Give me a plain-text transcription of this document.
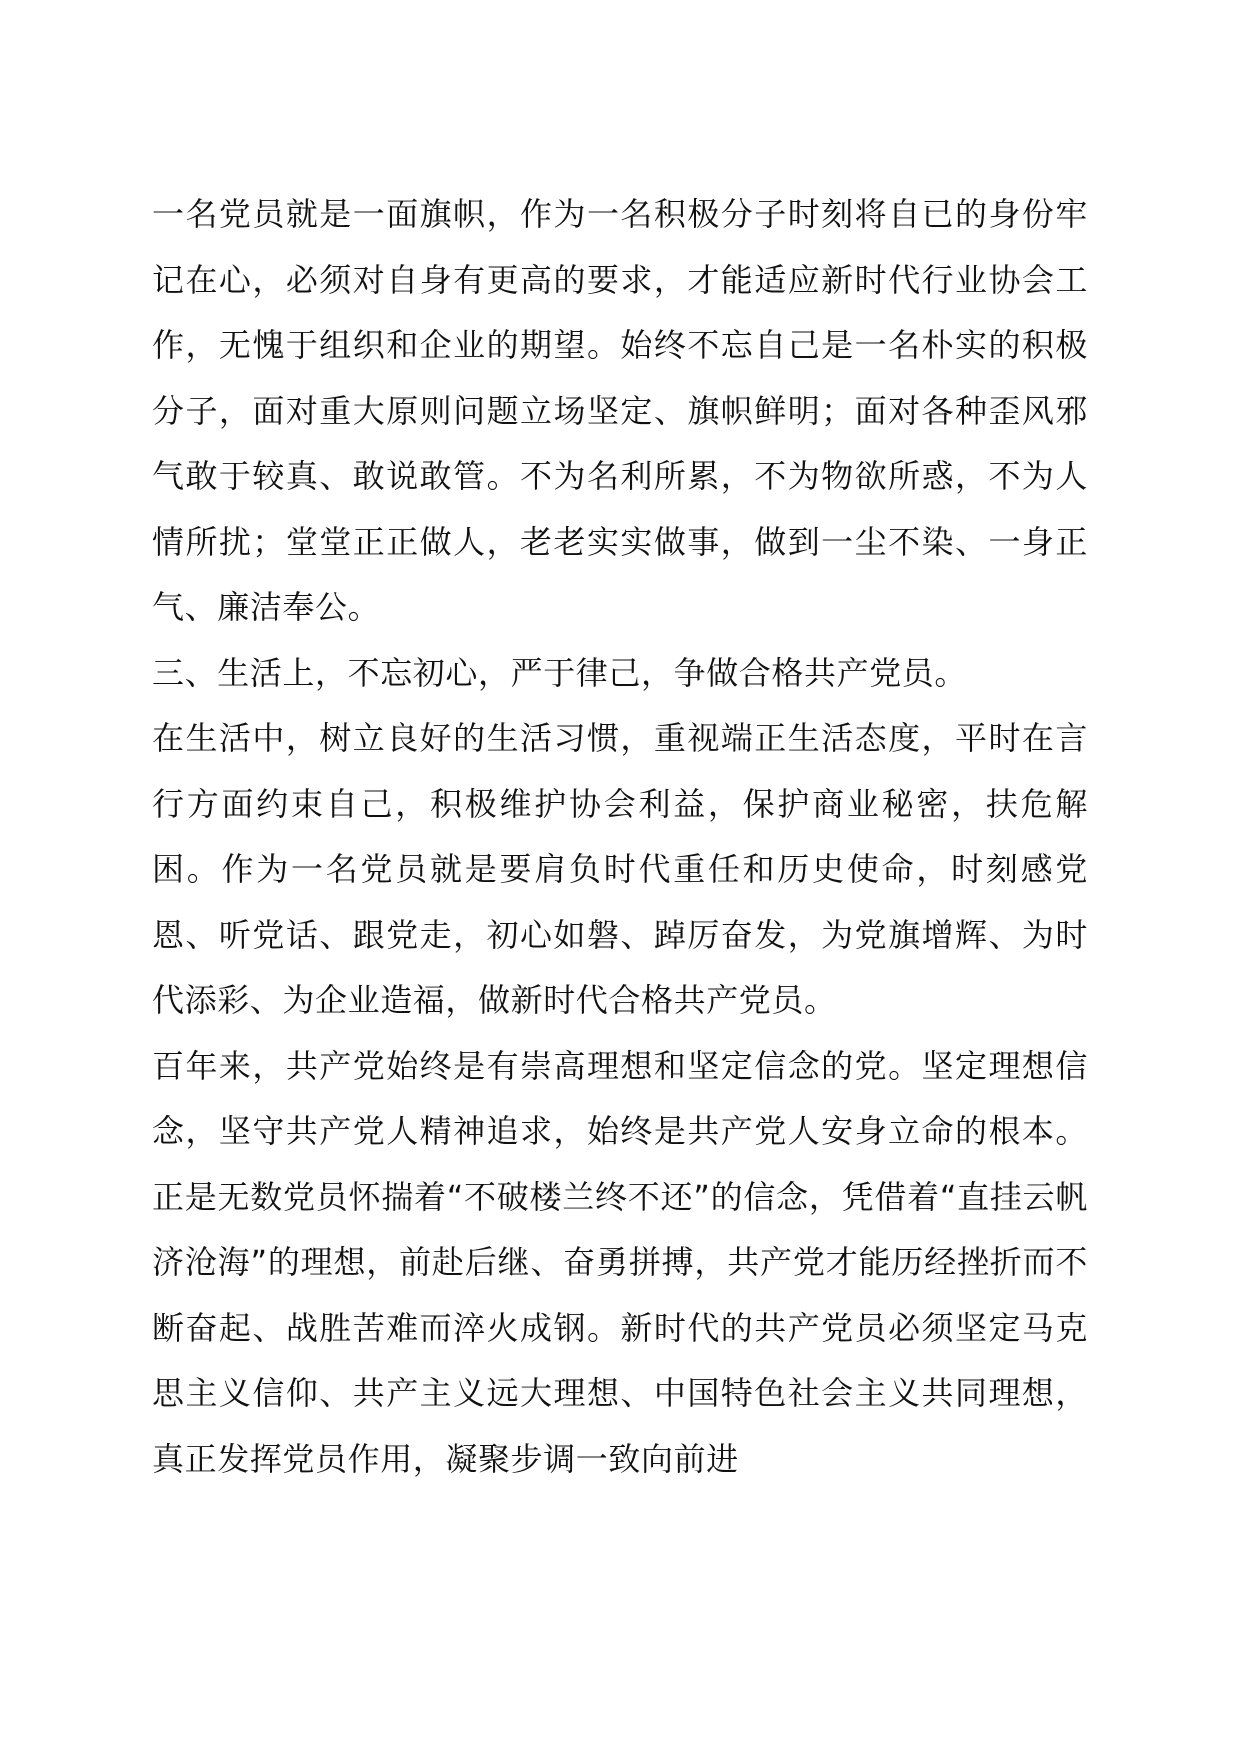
一名党员就是一面旗帜，作为一名积极分子时刻将自已的身份牢记在心，必须对自身有更高的要求，才能适应新时代行业协会工作，无愧于组织和企业的期望。始终不忘自己是一名朴实的积极分子，面对重大原则问题立场坚定、旗帜鲜明；面对各种歪风邪气敢于较真、敢说敢管。不为名利所累，不为物欲所惑，不为人情所扰；堂堂正正做人，老老实实做事，做到一尘不染、一身正气、廉洁奉公。

三、生活上，不忘初心，严于律己，争做合格共产党员。

在生活中，树立良好的生活习惯，重视端正生活态度，平时在言行方面约束自己，积极维护协会利益，保护商业秘密，扶危解困。作为一名党员就是要肩负时代重任和历史使命，时刻感党恩、听党话、跟党走，初心如磐、踔厉奋发，为党旗增辉、为时代添彩、为企业造福，做新时代合格共产党员。

百年来，共产党始终是有崇高理想和坚定信念的党。坚定理想信念，坚守共产党人精神追求，始终是共产党人安身立命的根本。正是无数党员怀揣着“不破楼兰终不还”的信念，凭借着“直挂云帆济沧海”的理想，前赴后继、奋勇拼搏，共产党才能历经挫折而不断奋起、战胜苦难而淬火成钢。新时代的共产党员必须坚定马克思主义信仰、共产主义远大理想、中国特色社会主义共同理想，真正发挥党员作用，凝聚步调一致向前进
